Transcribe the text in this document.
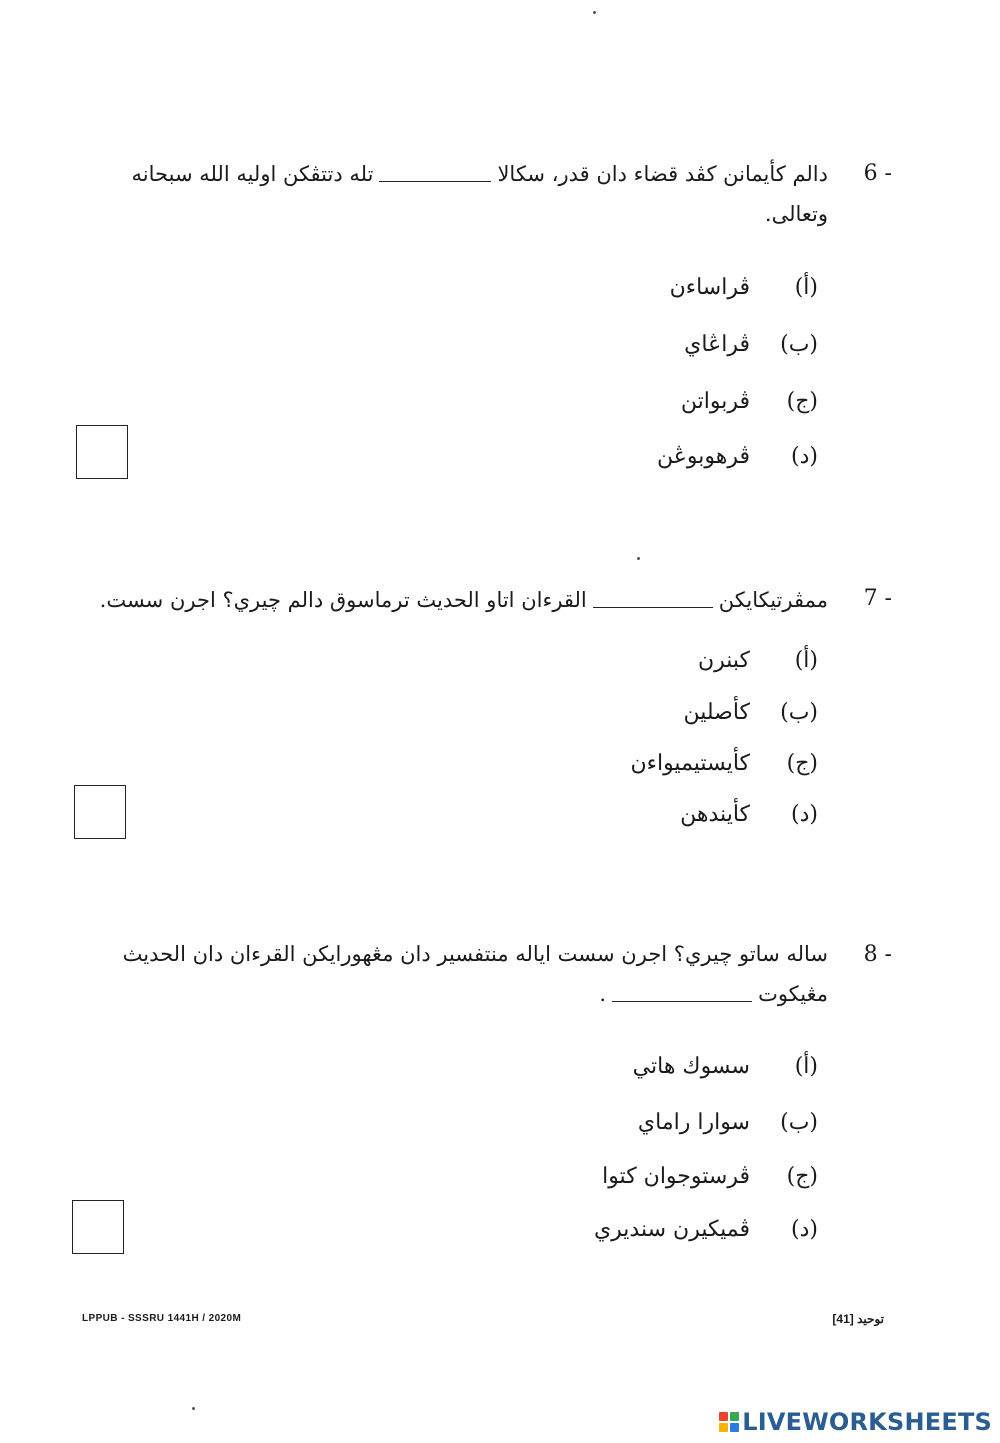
6 -

دالم كأيمانن كڤد قضاء دان قدر، سكالاتله دتتڤكن اوليه الله سبحانه وتعالى.

(أ)
ڤراساءن
(ب)
ڤراڠاي
(ج)
ڤربواتن
(د)
ڤرهوبوڠن
7 -

ممڤرتيكايكنالقرءان اتاو الحديث ترماسوق دالم چيري؟ اجرن سست.

(أ)
كبنرن
(ب)
كأصلين
(ج)
كأيستيميواءن
(د)
كأيندهن
8 -

ساله ساتو چيري؟ اجرن سست اياله منتفسير دان مڠهورايكن القرءان دان الحديث مڠيكوت.

(أ)
سسوك هاتي
(ب)
سوارا راماي
(ج)
ڤرستوجوان كتوا
(د)
ڤميكيرن سنديري
LPPUB - SSSRU 1441H / 2020M	توحيد [41]
LIVEWORKSHEETS
